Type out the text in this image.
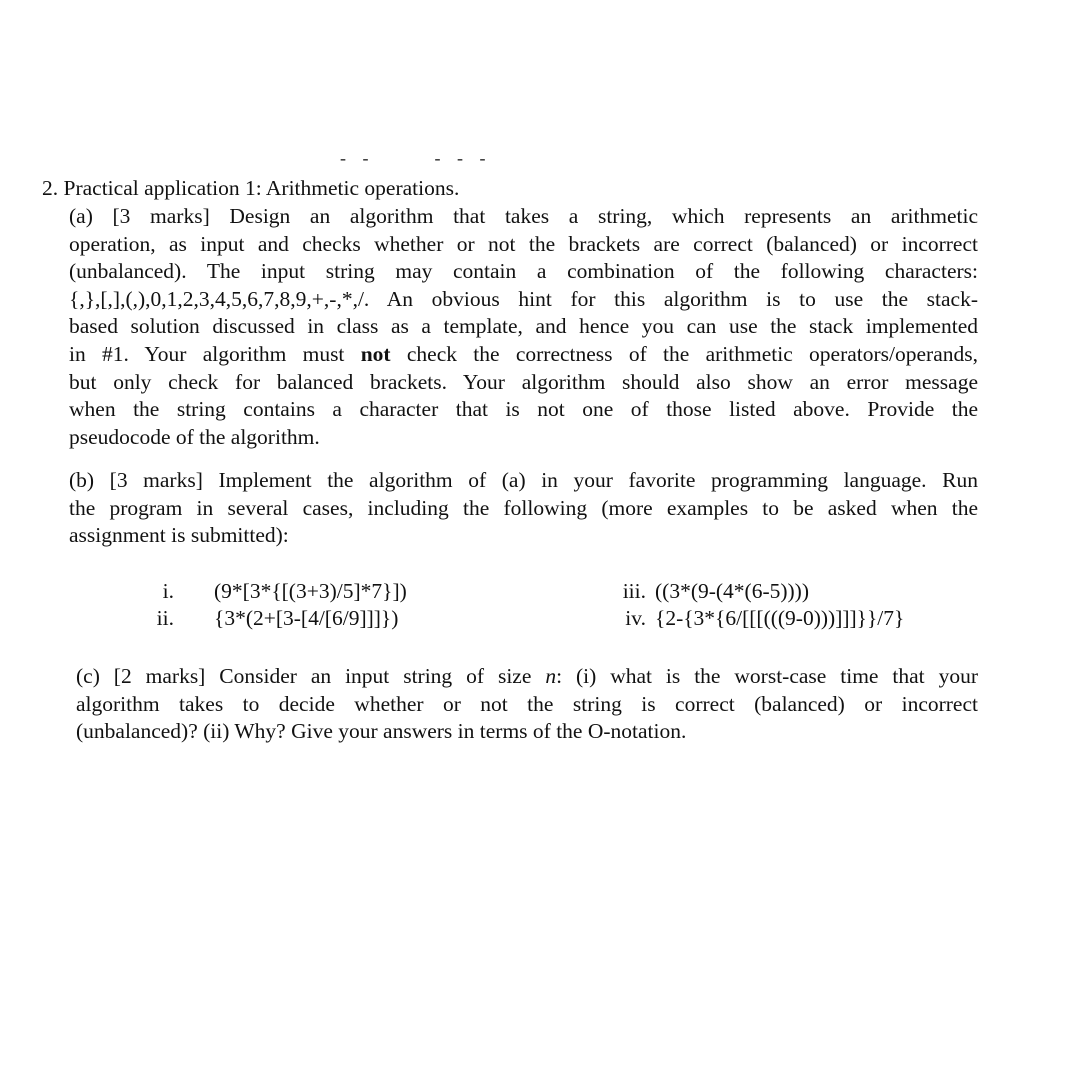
- -	- - -
2. Practical application 1: Arithmetic operations.
(a) [3 marks] Design an algorithm that takes a string, which represents an arithmetic
operation, as input and checks whether or not the brackets are correct (balanced) or incorrect
(unbalanced). The input string may contain a combination of the following characters:
{,},[,],(,),0,1,2,3,4,5,6,7,8,9,+,-,*,/. An obvious hint for this algorithm is to use the stack-
based solution discussed in class as a template, and hence you can use the stack implemented
in #1. Your algorithm must not check the correctness of the arithmetic operators/operands,
but only check for balanced brackets. Your algorithm should also show an error message
when the string contains a character that is not one of those listed above. Provide the
pseudocode of the algorithm.
(b) [3 marks] Implement the algorithm of (a) in your favorite programming language. Run
the program in several cases, including the following (more examples to be asked when the
assignment is submitted):
i. (9*[3*{[(3+3)/5]*7}])
ii. {3*(2+[3-[4/[6/9]]]})
iii. ((3*(9-(4*(6-5))))
iv. {2-{3*{6/[[[(((9-0)))]]]}}/7}
(c) [2 marks] Consider an input string of size n: (i) what is the worst-case time that your
algorithm takes to decide whether or not the string is correct (balanced) or incorrect
(unbalanced)? (ii) Why? Give your answers in terms of the O-notation.
